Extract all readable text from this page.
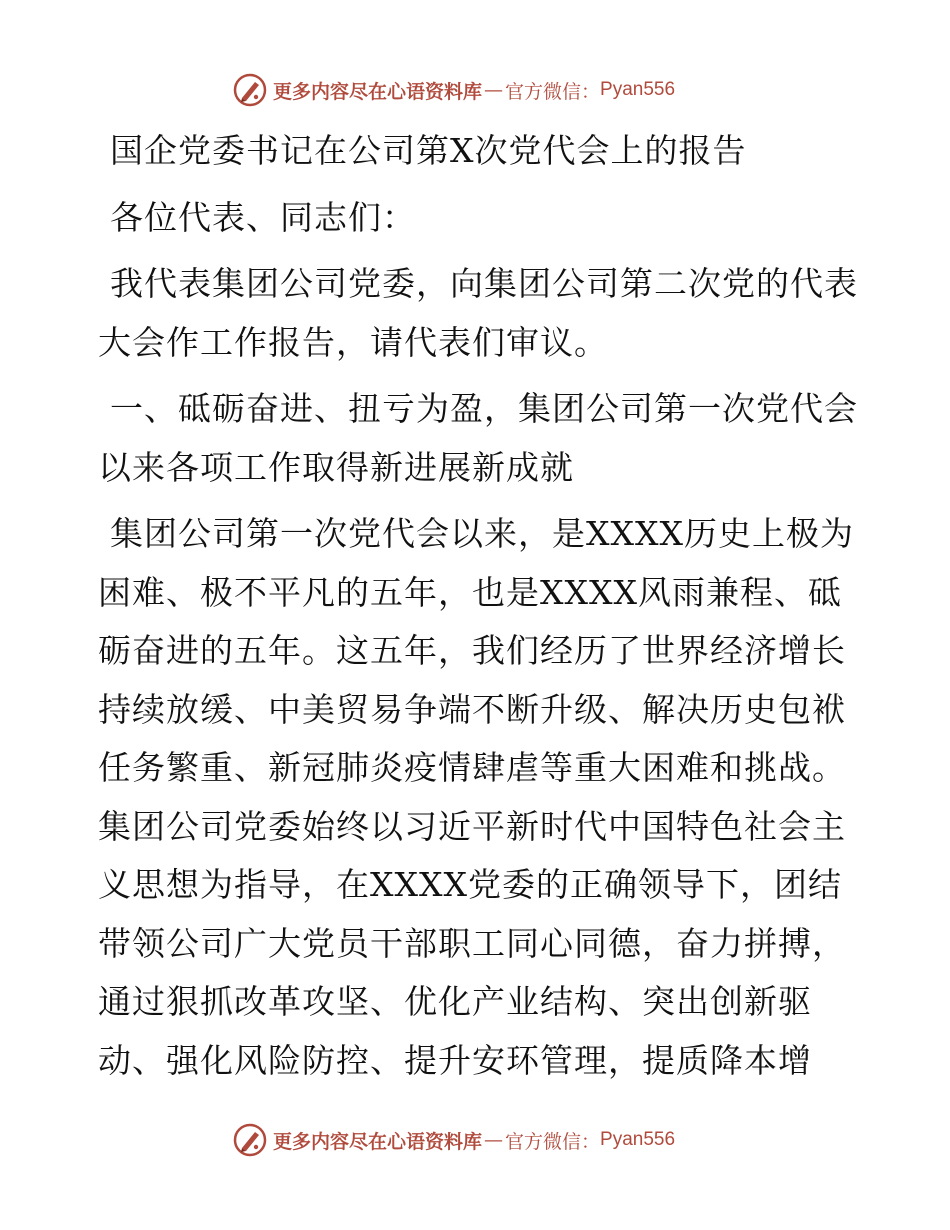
更多内容尽在心语资料库 — 官方微信： Pyan556

国企党委书记在公司第X次党代会上的报告

各位代表、同志们：

我代表集团公司党委，向集团公司第二次党的代表大会作工作报告，请代表们审议。

一、砥砺奋进、扭亏为盈，集团公司第一次党代会以来各项工作取得新进展新成就

集团公司第一次党代会以来，是XXXX历史上极为困难、极不平凡的五年，也是XXXX风雨兼程、砥砺奋进的五年。这五年，我们经历了世界经济增长持续放缓、中美贸易争端不断升级、解决历史包袱任务繁重、新冠肺炎疫情肆虐等重大困难和挑战。集团公司党委始终以习近平新时代中国特色社会主义思想为指导，在XXXX党委的正确领导下，团结带领公司广大党员干部职工同心同德，奋力拼搏，通过狠抓改革攻坚、优化产业结构、突出创新驱动、强化风险防控、提升安环管理，提质降本增

更多内容尽在心语资料库 — 官方微信： Pyan556
